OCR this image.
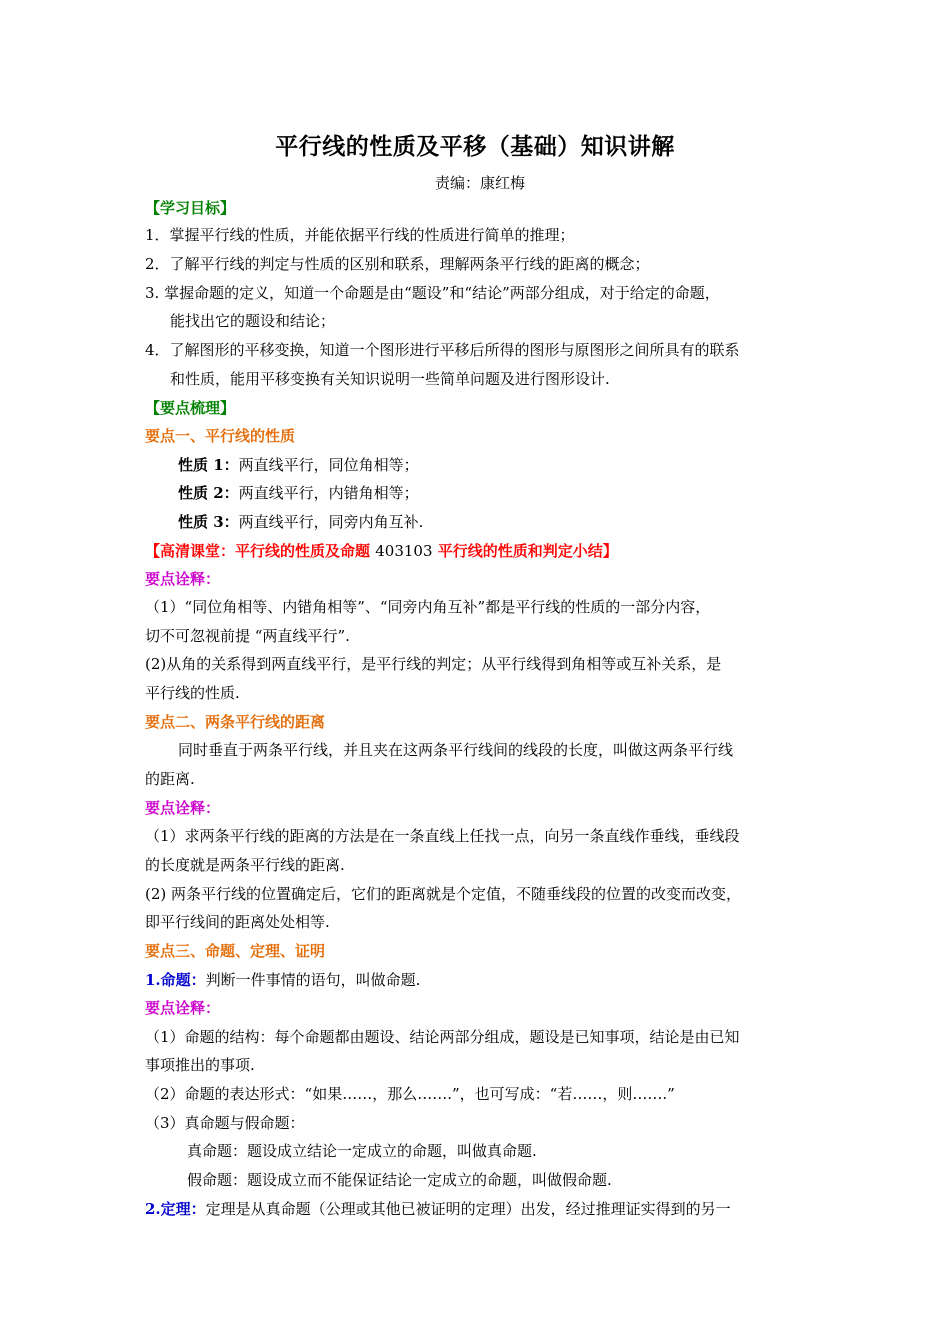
平行线的性质及平移（基础）知识讲解
责编：康红梅
【学习目标】
1．掌握平行线的性质，并能依据平行线的性质进行简单的推理；
2．了解平行线的判定与性质的区别和联系，理解两条平行线的距离的概念；
3. 掌握命题的定义，知道一个命题是由“题设”和“结论”两部分组成，对于给定的命题，
能找出它的题设和结论；
4．了解图形的平移变换，知道一个图形进行平移后所得的图形与原图形之间所具有的联系
和性质，能用平移变换有关知识说明一些简单问题及进行图形设计.
【要点梳理】
要点一、平行线的性质
性质 1：两直线平行，同位角相等；
性质 2：两直线平行，内错角相等；
性质 3：两直线平行，同旁内角互补.
【高清课堂：平行线的性质及命题 403103 平行线的性质和判定小结】
要点诠释：
（1）“同位角相等、内错角相等”、“同旁内角互补”都是平行线的性质的一部分内容，
切不可忽视前提 “两直线平行”.
(2)从角的关系得到两直线平行，是平行线的判定；从平行线得到角相等或互补关系，是
平行线的性质.
要点二、两条平行线的距离
同时垂直于两条平行线，并且夹在这两条平行线间的线段的长度，叫做这两条平行线
的距离.
要点诠释：
（1）求两条平行线的距离的方法是在一条直线上任找一点，向另一条直线作垂线，垂线段
的长度就是两条平行线的距离.
(2) 两条平行线的位置确定后，它们的距离就是个定值，不随垂线段的位置的改变而改变，
即平行线间的距离处处相等.
要点三、命题、定理、证明
1.命题：判断一件事情的语句，叫做命题.
要点诠释：
（1）命题的结构：每个命题都由题设、结论两部分组成，题设是已知事项，结论是由已知
事项推出的事项.
（2）命题的表达形式：“如果……，那么…….”，也可写成：“若……，则…….”
（3）真命题与假命题：
真命题：题设成立结论一定成立的命题，叫做真命题.
假命题：题设成立而不能保证结论一定成立的命题，叫做假命题.
2.定理：定理是从真命题（公理或其他已被证明的定理）出发，经过推理证实得到的另一
